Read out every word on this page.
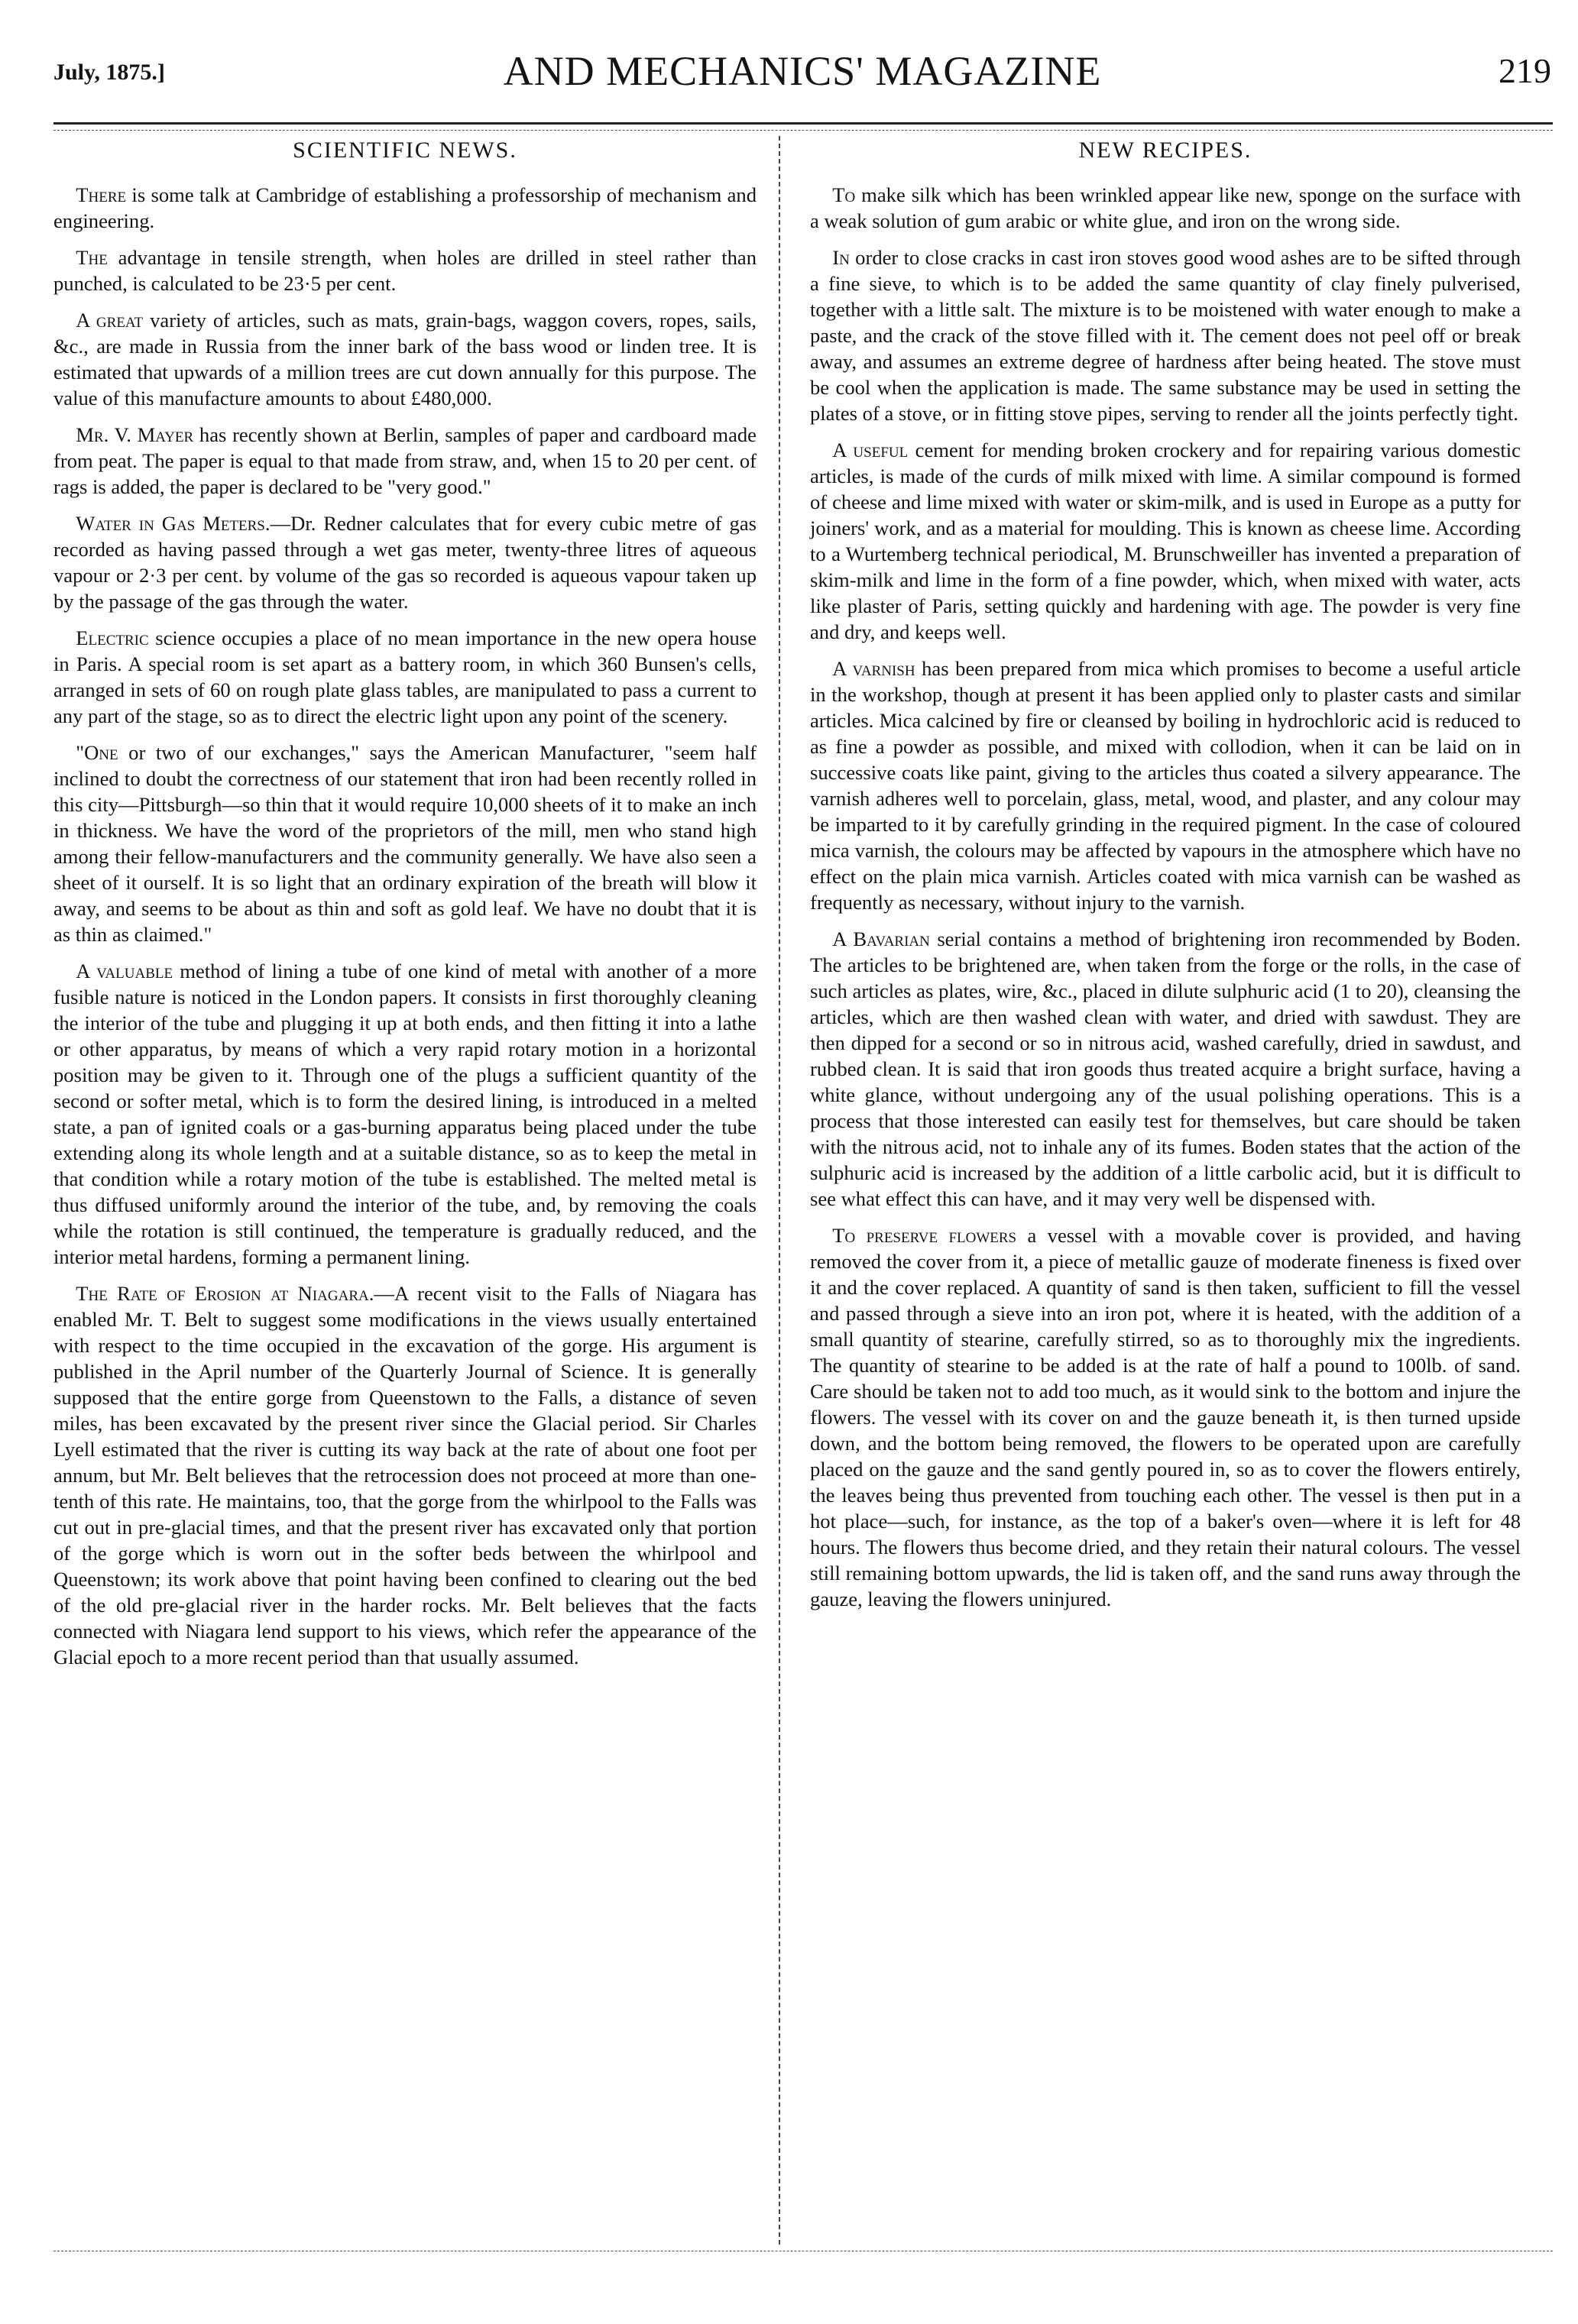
July, 1875.]	AND MECHANICS' MAGAZINE	219
SCIENTIFIC NEWS.

There is some talk at Cambridge of establishing a professorship of mechanism and engineering.

The advantage in tensile strength, when holes are drilled in steel rather than punched, is calculated to be 23·5 per cent.

A great variety of articles, such as mats, grain-bags, waggon covers, ropes, sails, &c., are made in Russia from the inner bark of the bass wood or linden tree. It is estimated that upwards of a million trees are cut down annually for this purpose. The value of this manufacture amounts to about £480,000.

Mr. V. Mayer has recently shown at Berlin, samples of paper and cardboard made from peat. The paper is equal to that made from straw, and, when 15 to 20 per cent. of rags is added, the paper is declared to be "very good."

Water in Gas Meters.—Dr. Redner calculates that for every cubic metre of gas recorded as having passed through a wet gas meter, twenty-three litres of aqueous vapour or 2·3 per cent. by volume of the gas so recorded is aqueous vapour taken up by the passage of the gas through the water.

Electric science occupies a place of no mean importance in the new opera house in Paris. A special room is set apart as a battery room, in which 360 Bunsen's cells, arranged in sets of 60 on rough plate glass tables, are manipulated to pass a current to any part of the stage, so as to direct the electric light upon any point of the scenery.

"One or two of our exchanges," says the American Manufacturer, "seem half inclined to doubt the correctness of our statement that iron had been recently rolled in this city—Pittsburgh—so thin that it would require 10,000 sheets of it to make an inch in thickness. We have the word of the proprietors of the mill, men who stand high among their fellow-manufacturers and the community generally. We have also seen a sheet of it ourself. It is so light that an ordinary expiration of the breath will blow it away, and seems to be about as thin and soft as gold leaf. We have no doubt that it is as thin as claimed."

A valuable method of lining a tube of one kind of metal with another of a more fusible nature is noticed in the London papers. It consists in first thoroughly cleaning the interior of the tube and plugging it up at both ends, and then fitting it into a lathe or other apparatus, by means of which a very rapid rotary motion in a horizontal position may be given to it. Through one of the plugs a sufficient quantity of the second or softer metal, which is to form the desired lining, is introduced in a melted state, a pan of ignited coals or a gas-burning apparatus being placed under the tube extending along its whole length and at a suitable distance, so as to keep the metal in that condition while a rotary motion of the tube is established. The melted metal is thus diffused uniformly around the interior of the tube, and, by removing the coals while the rotation is still continued, the temperature is gradually reduced, and the interior metal hardens, forming a permanent lining.

The Rate of Erosion at Niagara.—A recent visit to the Falls of Niagara has enabled Mr. T. Belt to suggest some modifications in the views usually entertained with respect to the time occupied in the excavation of the gorge. His argument is published in the April number of the Quarterly Journal of Science. It is generally supposed that the entire gorge from Queenstown to the Falls, a distance of seven miles, has been excavated by the present river since the Glacial period. Sir Charles Lyell estimated that the river is cutting its way back at the rate of about one foot per annum, but Mr. Belt believes that the retrocession does not proceed at more than one-tenth of this rate. He maintains, too, that the gorge from the whirlpool to the Falls was cut out in pre-glacial times, and that the present river has excavated only that portion of the gorge which is worn out in the softer beds between the whirlpool and Queenstown; its work above that point having been confined to clearing out the bed of the old pre-glacial river in the harder rocks. Mr. Belt believes that the facts connected with Niagara lend support to his views, which refer the appearance of the Glacial epoch to a more recent period than that usually assumed.

NEW RECIPES.

To make silk which has been wrinkled appear like new, sponge on the surface with a weak solution of gum arabic or white glue, and iron on the wrong side.

In order to close cracks in cast iron stoves good wood ashes are to be sifted through a fine sieve, to which is to be added the same quantity of clay finely pulverised, together with a little salt. The mixture is to be moistened with water enough to make a paste, and the crack of the stove filled with it. The cement does not peel off or break away, and assumes an extreme degree of hardness after being heated. The stove must be cool when the application is made. The same substance may be used in setting the plates of a stove, or in fitting stove pipes, serving to render all the joints perfectly tight.

A useful cement for mending broken crockery and for repairing various domestic articles, is made of the curds of milk mixed with lime. A similar compound is formed of cheese and lime mixed with water or skim-milk, and is used in Europe as a putty for joiners' work, and as a material for moulding. This is known as cheese lime. According to a Wurtemberg technical periodical, M. Brunschweiller has invented a preparation of skim-milk and lime in the form of a fine powder, which, when mixed with water, acts like plaster of Paris, setting quickly and hardening with age. The powder is very fine and dry, and keeps well.

A varnish has been prepared from mica which promises to become a useful article in the workshop, though at present it has been applied only to plaster casts and similar articles. Mica calcined by fire or cleansed by boiling in hydrochloric acid is reduced to as fine a powder as possible, and mixed with collodion, when it can be laid on in successive coats like paint, giving to the articles thus coated a silvery appearance. The varnish adheres well to porcelain, glass, metal, wood, and plaster, and any colour may be imparted to it by carefully grinding in the required pigment. In the case of coloured mica varnish, the colours may be affected by vapours in the atmosphere which have no effect on the plain mica varnish. Articles coated with mica varnish can be washed as frequently as necessary, without injury to the varnish.

A Bavarian serial contains a method of brightening iron recommended by Boden. The articles to be brightened are, when taken from the forge or the rolls, in the case of such articles as plates, wire, &c., placed in dilute sulphuric acid (1 to 20), cleansing the articles, which are then washed clean with water, and dried with sawdust. They are then dipped for a second or so in nitrous acid, washed carefully, dried in sawdust, and rubbed clean. It is said that iron goods thus treated acquire a bright surface, having a white glance, without undergoing any of the usual polishing operations. This is a process that those interested can easily test for themselves, but care should be taken with the nitrous acid, not to inhale any of its fumes. Boden states that the action of the sulphuric acid is increased by the addition of a little carbolic acid, but it is difficult to see what effect this can have, and it may very well be dispensed with.

To preserve flowers a vessel with a movable cover is provided, and having removed the cover from it, a piece of metallic gauze of moderate fineness is fixed over it and the cover replaced. A quantity of sand is then taken, sufficient to fill the vessel and passed through a sieve into an iron pot, where it is heated, with the addition of a small quantity of stearine, carefully stirred, so as to thoroughly mix the ingredients. The quantity of stearine to be added is at the rate of half a pound to 100lb. of sand. Care should be taken not to add too much, as it would sink to the bottom and injure the flowers. The vessel with its cover on and the gauze beneath it, is then turned upside down, and the bottom being removed, the flowers to be operated upon are carefully placed on the gauze and the sand gently poured in, so as to cover the flowers entirely, the leaves being thus prevented from touching each other. The vessel is then put in a hot place—such, for instance, as the top of a baker's oven—where it is left for 48 hours. The flowers thus become dried, and they retain their natural colours. The vessel still remaining bottom upwards, the lid is taken off, and the sand runs away through the gauze, leaving the flowers uninjured.
